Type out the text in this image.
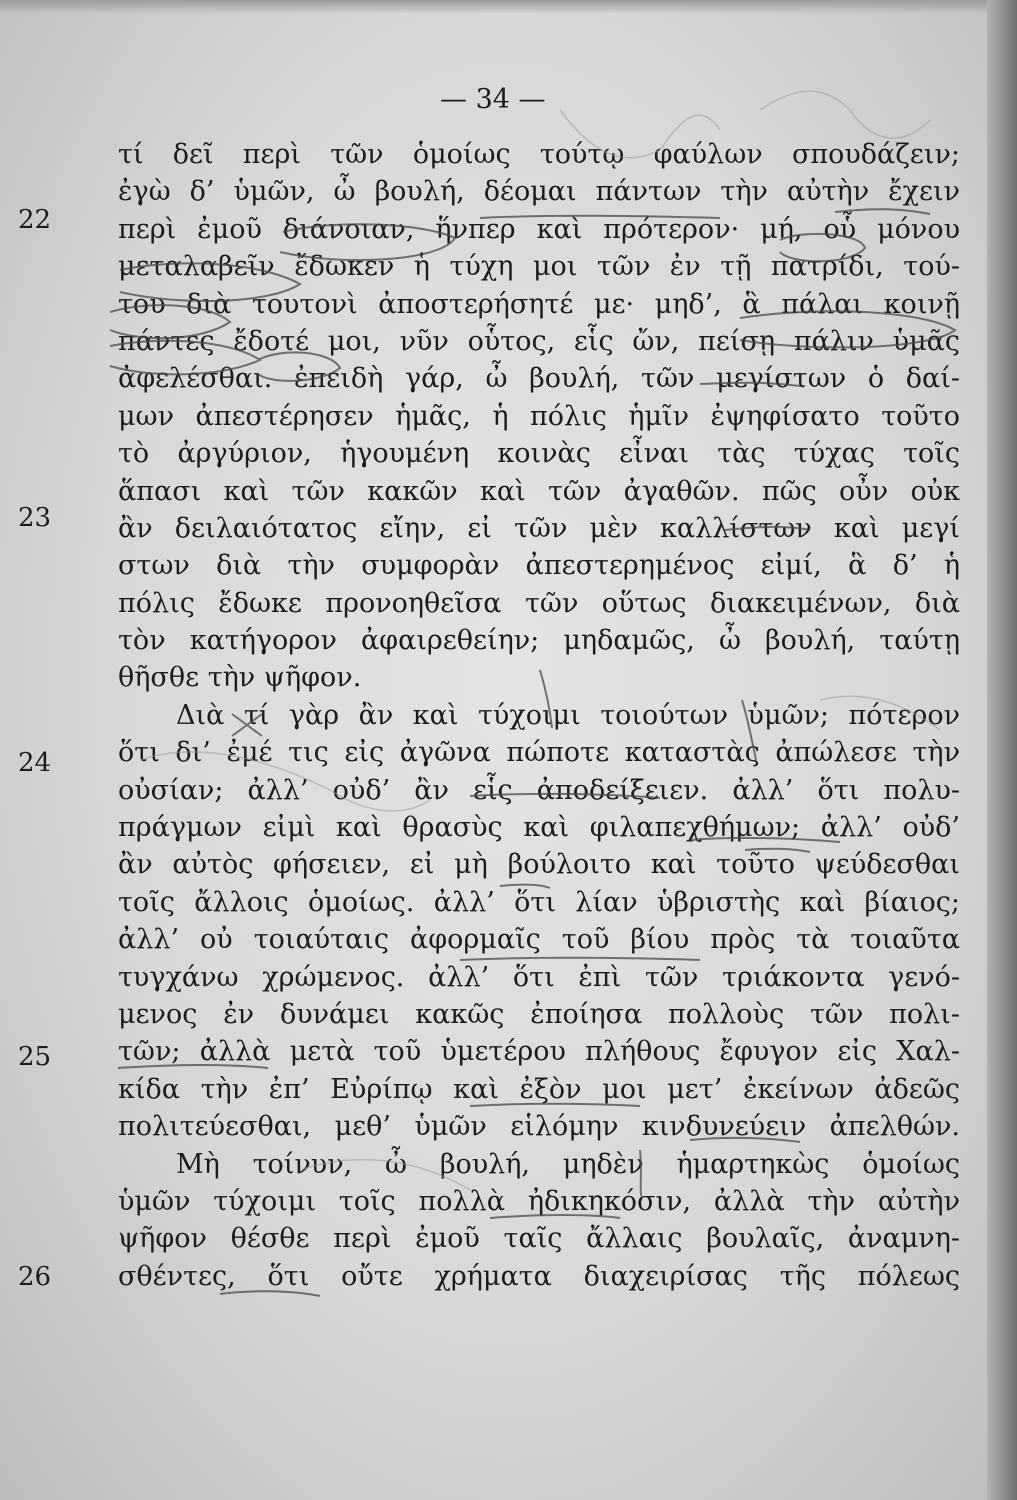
— 34 —
22
23
24
25
26
τί δεῖ περὶ τῶν ὁμοίως τούτῳ φαύλων σπουδάζειν;
ἐγὼ δ’ ὑμῶν, ὦ βουλή, δέομαι πάντων τὴν αὐτὴν ἔχειν
περὶ ἐμοῦ διάνοιαν, ἥνπερ καὶ πρότερον· μή, οὗ μόνου
μεταλαβεῖν ἔδωκεν ἡ τύχη μοι τῶν ἐν τῇ πατρίδι, τού-
του διὰ τουτονὶ ἀποστερήσητέ με· μηδ’, ἃ πάλαι κοινῇ
πάντες ἔδοτέ μοι, νῦν οὗτος, εἷς ὤν, πείσῃ πάλιν ὑμᾶς
ἀφελέσθαι. ἐπειδὴ γάρ, ὦ βουλή, τῶν μεγίστων ὁ δαί-
μων ἀπεστέρησεν ἡμᾶς, ἡ πόλις ἡμῖν ἐψηφίσατο τοῦτο
τὸ ἀργύριον, ἡγουμένη κοινὰς εἶναι τὰς τύχας τοῖς
ἅπασι καὶ τῶν κακῶν καὶ τῶν ἀγαθῶν. πῶς οὖν οὐκ
ἂν δειλαιότατος εἴην, εἰ τῶν μὲν καλλίστων καὶ μεγί
στων διὰ τὴν συμφορὰν ἀπεστερημένος εἰμί, ἃ δ’ ἡ
πόλις ἔδωκε προνοηθεῖσα τῶν οὕτως διακειμένων, διὰ
τὸν κατήγορον ἀφαιρεθείην; μηδαμῶς, ὦ βουλή, ταύτῃ
θῆσθε τὴν ψῆφον.
Διὰ τί γὰρ ἂν καὶ τύχοιμι τοιούτων ὑμῶν; πότερον
ὅτι δι’ ἐμέ τις εἰς ἀγῶνα πώποτε καταστὰς ἀπώλεσε τὴν
οὐσίαν; ἀλλ’ οὐδ’ ἂν εἷς ἀποδείξειεν. ἀλλ’ ὅτι πολυ-
πράγμων εἰμὶ καὶ θρασὺς καὶ φιλαπεχθήμων; ἀλλ’ οὐδ’
ἂν αὐτὸς φήσειεν, εἰ μὴ βούλοιτο καὶ τοῦτο ψεύδεσθαι
τοῖς ἄλλοις ὁμοίως. ἀλλ’ ὅτι λίαν ὑβριστὴς καὶ βίαιος;
ἀλλ’ οὐ τοιαύταις ἀφορμαῖς τοῦ βίου πρὸς τὰ τοιαῦτα
τυγχάνω χρώμενος. ἀλλ’ ὅτι ἐπὶ τῶν τριάκοντα γενό-
μενος ἐν δυνάμει κακῶς ἐποίησα πολλοὺς τῶν πολι-
τῶν; ἀλλὰ μετὰ τοῦ ὑμετέρου πλήθους ἔφυγον εἰς Χαλ-
κίδα τὴν ἐπ’ Εὐρίπῳ καὶ ἐξὸν μοι μετ’ ἐκείνων ἀδεῶς
πολιτεύεσθαι, μεθ’ ὑμῶν εἱλόμην κινδυνεύειν ἀπελθών.
Μὴ τοίνυν, ὦ βουλή, μηδὲν ἡμαρτηκὼς ὁμοίως
ὑμῶν τύχοιμι τοῖς πολλὰ ἠδικηκόσιν, ἀλλὰ τὴν αὐτὴν
ψῆφον θέσθε περὶ ἐμοῦ ταῖς ἄλλαις βουλαῖς, ἀναμνη-
σθέντες, ὅτι οὔτε χρήματα διαχειρίσας τῆς πόλεως
